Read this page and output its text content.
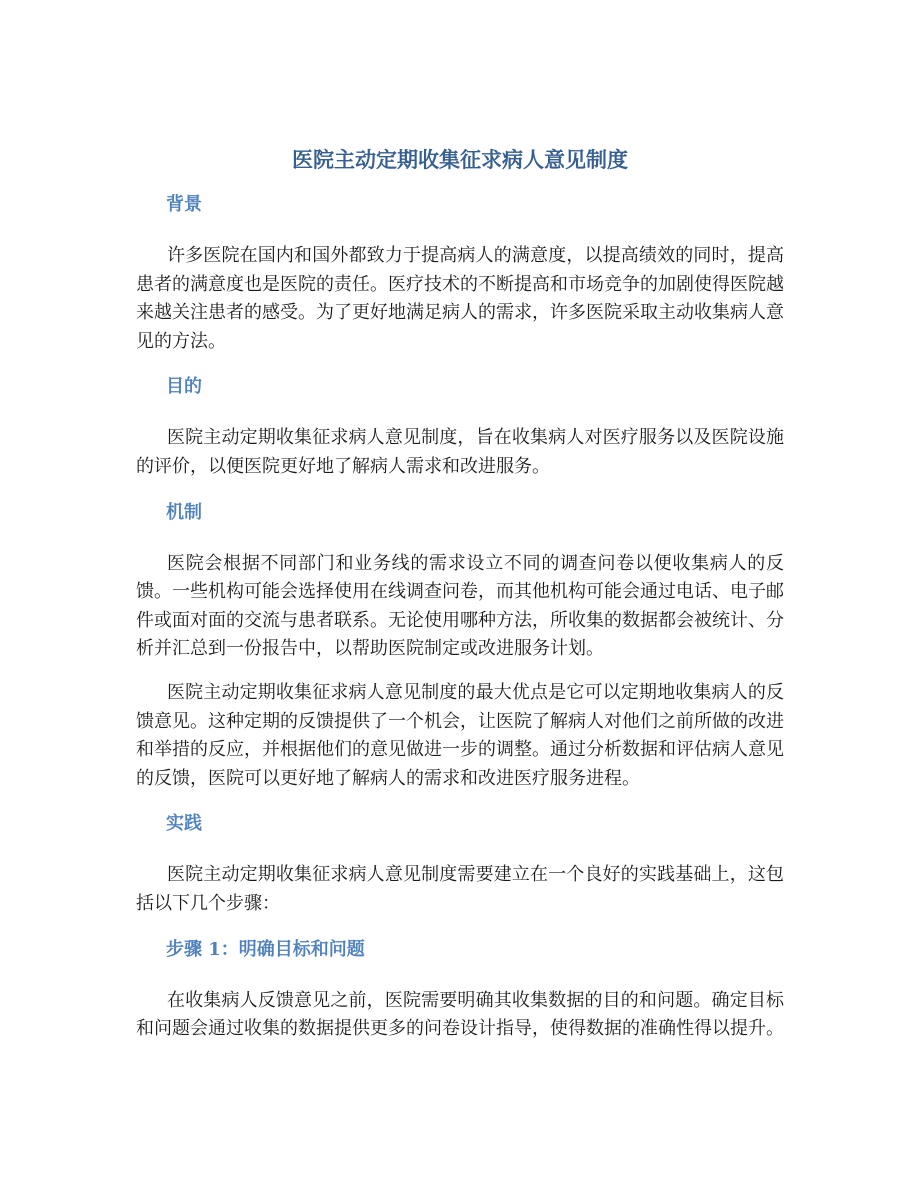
医院主动定期收集征求病人意见制度
背景

许多医院在国内和国外都致力于提高病人的满意度，以提高绩效的同时，提高患者的满意度也是医院的责任。医疗技术的不断提高和市场竞争的加剧使得医院越来越关注患者的感受。为了更好地满足病人的需求，许多医院采取主动收集病人意见的方法。

目的

医院主动定期收集征求病人意见制度，旨在收集病人对医疗服务以及医院设施的评价，以便医院更好地了解病人需求和改进服务。

机制

医院会根据不同部门和业务线的需求设立不同的调查问卷以便收集病人的反馈。一些机构可能会选择使用在线调查问卷，而其他机构可能会通过电话、电子邮件或面对面的交流与患者联系。无论使用哪种方法，所收集的数据都会被统计、分析并汇总到一份报告中，以帮助医院制定或改进服务计划。

医院主动定期收集征求病人意见制度的最大优点是它可以定期地收集病人的反馈意见。这种定期的反馈提供了一个机会，让医院了解病人对他们之前所做的改进和举措的反应，并根据他们的意见做进一步的调整。通过分析数据和评估病人意见的反馈，医院可以更好地了解病人的需求和改进医疗服务进程。

实践

医院主动定期收集征求病人意见制度需要建立在一个良好的实践基础上，这包括以下几个步骤：

步骤 1：明确目标和问题

在收集病人反馈意见之前，医院需要明确其收集数据的目的和问题。确定目标和问题会通过收集的数据提供更多的问卷设计指导，使得数据的准确性得以提升。
